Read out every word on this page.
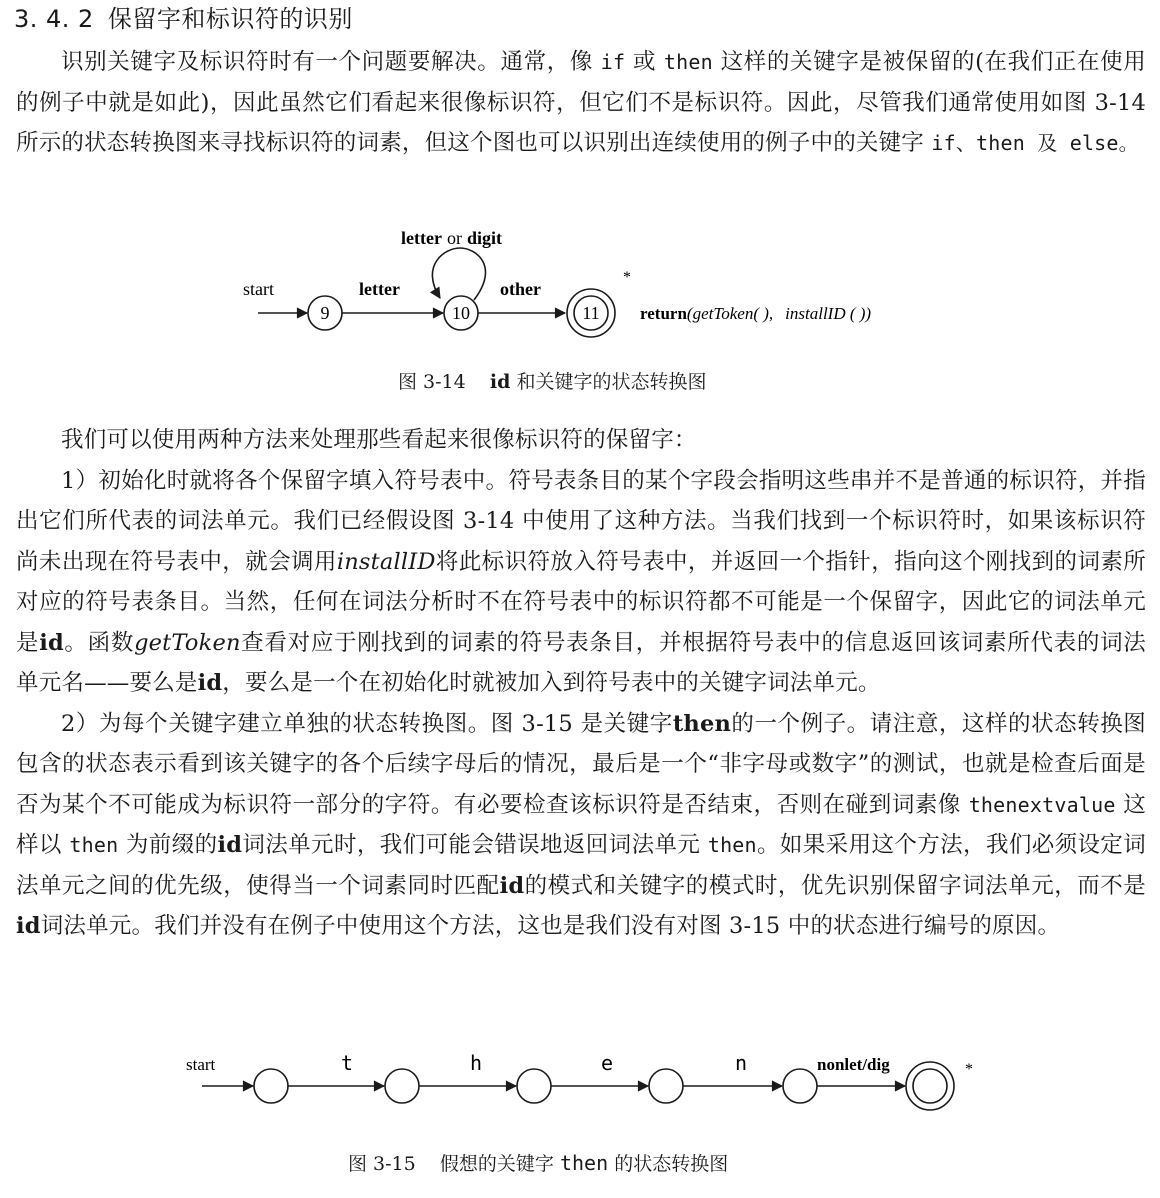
3. 4. 2 保留字和标识符的识别

识别关键字及标识符时有一个问题要解决。通常，像 if 或 then 这样的关键字是被保留的(在我们正在使用的例子中就是如此)，因此虽然它们看起来很像标识符，但它们不是标识符。因此，尽管我们通常使用如图 3-14 所示的状态转换图来寻找标识符的词素，但这个图也可以识别出连续使用的例子中的关键字 if、then 及 else。

letter or digit
start
9
letter
10
other
11
*
return(getToken( ), installID ( ))
图 3-14 id 和关键字的状态转换图

我们可以使用两种方法来处理那些看起来很像标识符的保留字：

1）初始化时就将各个保留字填入符号表中。符号表条目的某个字段会指明这些串并不是普通的标识符，并指出它们所代表的词法单元。我们已经假设图 3-14 中使用了这种方法。当我们找到一个标识符时，如果该标识符尚未出现在符号表中，就会调用installID将此标识符放入符号表中，并返回一个指针，指向这个刚找到的词素所对应的符号表条目。当然，任何在词法分析时不在符号表中的标识符都不可能是一个保留字，因此它的词法单元是id。函数getToken查看对应于刚找到的词素的符号表条目，并根据符号表中的信息返回该词素所代表的词法单元名——要么是id，要么是一个在初始化时就被加入到符号表中的关键字词法单元。

2）为每个关键字建立单独的状态转换图。图 3-15 是关键字then的一个例子。请注意，这样的状态转换图包含的状态表示看到该关键字的各个后续字母后的情况，最后是一个“非字母或数字”的测试，也就是检查后面是否为某个不可能成为标识符一部分的字符。有必要检查该标识符是否结束，否则在碰到词素像 thenextvalue 这样以 then 为前缀的id词法单元时，我们可能会错误地返回词法单元 then。如果采用这个方法，我们必须设定词法单元之间的优先级，使得当一个词素同时匹配id的模式和关键字的模式时，优先识别保留字词法单元，而不是id词法单元。我们并没有在例子中使用这个方法，这也是我们没有对图 3-15 中的状态进行编号的原因。

start	t	h	e	n	nonlet/dig	*
图 3-15 假想的关键字 then 的状态转换图
